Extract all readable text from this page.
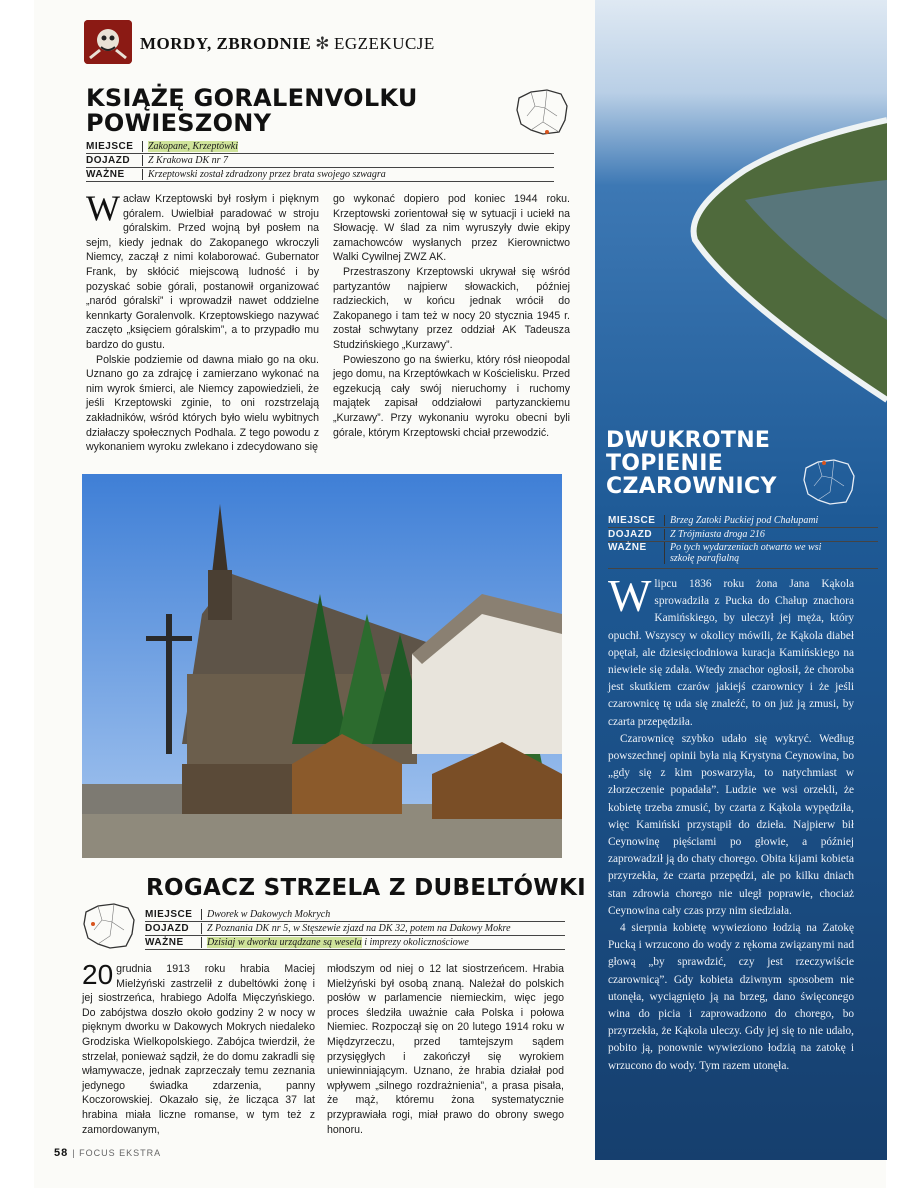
MORDY, ZBRODNIE ✻ EGZEKUCJE
KSIĄŻĘ GORALENVOLKU
POWIESZONY
MIEJSCE	Zakopane, Krzeptówki
DOJAZD	Z Krakowa DK nr 7
WAŻNE	Krzeptowski został zdradzony przez brata swojego szwagra

Wacław Krzeptowski był rosłym i pięknym góralem. Uwielbiał paradować w stroju góralskim. Przed wojną był posłem na sejm, kiedy jednak do Zakopanego wkroczyli Niemcy, zaczął z nimi kolaborować. Gubernator Frank, by skłócić miejscową ludność i by pozyskać sobie górali, postanowił organizować „naród góralski” i wprowadził nawet oddzielne kennkarty Goralenvolk. Krzeptowskiego nazywać zaczęto „księciem góralskim”, a to przypadło mu bardzo do gustu.

Polskie podziemie od dawna miało go na oku. Uznano go za zdrajcę i zamierzano wykonać na nim wyrok śmierci, ale Niemcy zapowiedzieli, że jeśli Krzeptowski zginie, to oni rozstrzelają zakładników, wśród których było wielu wybitnych działaczy społecznych Podhala. Z tego powodu z wykonaniem wyroku zwlekano i zdecydowano się

go wykonać dopiero pod koniec 1944 roku. Krzeptowski zorientował się w sytuacji i uciekł na Słowację. W ślad za nim wyruszyły dwie ekipy zamachowców wysłanych przez Kierownictwo Walki Cywilnej ZWZ AK.

Przestraszony Krzeptowski ukrywał się wśród partyzantów najpierw słowackich, później radzieckich, w końcu jednak wrócił do Zakopanego i tam też w nocy 20 stycznia 1945 r. został schwytany przez oddział AK Tadeusza Studzińskiego „Kurzawy”.

Powieszono go na świerku, który rósł nieopodal jego domu, na Krzeptówkach w Kościelisku. Przed egzekucją cały swój nieruchomy i ruchomy majątek zapisał oddziałowi partyzanckiemu „Kurzawy”. Przy wykonaniu wyroku obecni byli górale, którym Krzeptowski chciał przewodzić.

ROGACZ STRZELA Z DUBELTÓWKI
MIEJSCE	Dworek w Dakowych Mokrych
DOJAZD	Z Poznania DK nr 5, w Stęszewie zjazd na DK 32, potem na Dakowy Mokre
WAŻNE	Dzisiaj w dworku urządzane są wesela i imprezy okolicznościowe

20 grudnia 1913 roku hrabia Maciej Mielżyński zastrzelił z dubeltówki żonę i jej siostrzeńca, hrabiego Adolfa Mięczyńskiego. Do zabójstwa doszło około godziny 2 w nocy w pięknym dworku w Dakowych Mokrych niedaleko Grodziska Wielkopolskiego. Zabójca twierdził, że strzelał, ponieważ sądził, że do domu zakradli się włamywacze, jednak zaprzeczały temu zeznania jedynego świadka zdarzenia, panny Koczorowskiej. Okazało się, że licząca 37 lat hrabina miała liczne romanse, w tym też z zamordowanym,

młodszym od niej o 12 lat siostrzeńcem. Hrabia Mielżyński był osobą znaną. Należał do polskich posłów w parlamencie niemieckim, więc jego proces śledziła uważnie cała Polska i połowa Niemiec. Rozpoczął się on 20 lutego 1914 roku w Międzyrzeczu, przed tamtejszym sądem przysięgłych i zakończył się wyrokiem uniewinniającym. Uznano, że hrabia działał pod wpływem „silnego rozdrażnienia”, a prasa pisała, że mąż, któremu żona systematycznie przyprawiała rogi, miał prawo do obrony swego honoru.

DWUKROTNE
TOPIENIE
CZAROWNICY
MIEJSCE	Brzeg Zatoki Puckiej pod Chałupami
DOJAZD	Z Trójmiasta droga 216
WAŻNE	Po tych wydarzeniach otwarto we wsi
szkołę parafialną

Wlipcu 1836 roku żona Jana Kąkola sprowadziła z Pucka do Chałup znachora Kamińskiego, by uleczył jej męża, który opuchł. Wszyscy w okolicy mówili, że Kąkola diabeł opętał, ale dziesięciodniowa kuracja Kamińskiego na niewiele się zdała. Wtedy znachor ogłosił, że choroba jest skutkiem czarów jakiejś czarownicy i że jeśli czarownicę tę uda się znaleźć, to on już ją zmusi, by czarta przepędziła.

Czarownicę szybko udało się wykryć. Według powszechnej opinii była nią Krystyna Ceynowina, bo „gdy się z kim poswarzyła, to natychmiast w złorzeczenie popadała”. Ludzie we wsi orzekli, że kobietę trzeba zmusić, by czarta z Kąkola wypędziła, więc Kamiński przystąpił do dzieła. Najpierw bił Ceynowinę pięściami po głowie, a później zaprowadził ją do chaty chorego. Obita kijami kobieta przyrzekła, że czarta przepędzi, ale po kilku dniach stan zdrowia chorego nie uległ poprawie, chociaż Ceynowina cały czas przy nim siedziała.

4 sierpnia kobietę wywieziono łodzią na Zatokę Pucką i wrzucono do wody z rękoma związanymi nad głową „by sprawdzić, czy jest rzeczywiście czarownicą”. Gdy kobieta dziwnym sposobem nie utonęła, wyciągnięto ją na brzeg, dano święconego wina do picia i zaprowadzono do chorego, bo przyrzekła, że Kąkola uleczy. Gdy jej się to nie udało, pobito ją, ponownie wywieziono łodzią na zatokę i wrzucono do wody. Tym razem utonęła.

58 | FOCUS EKSTRA
